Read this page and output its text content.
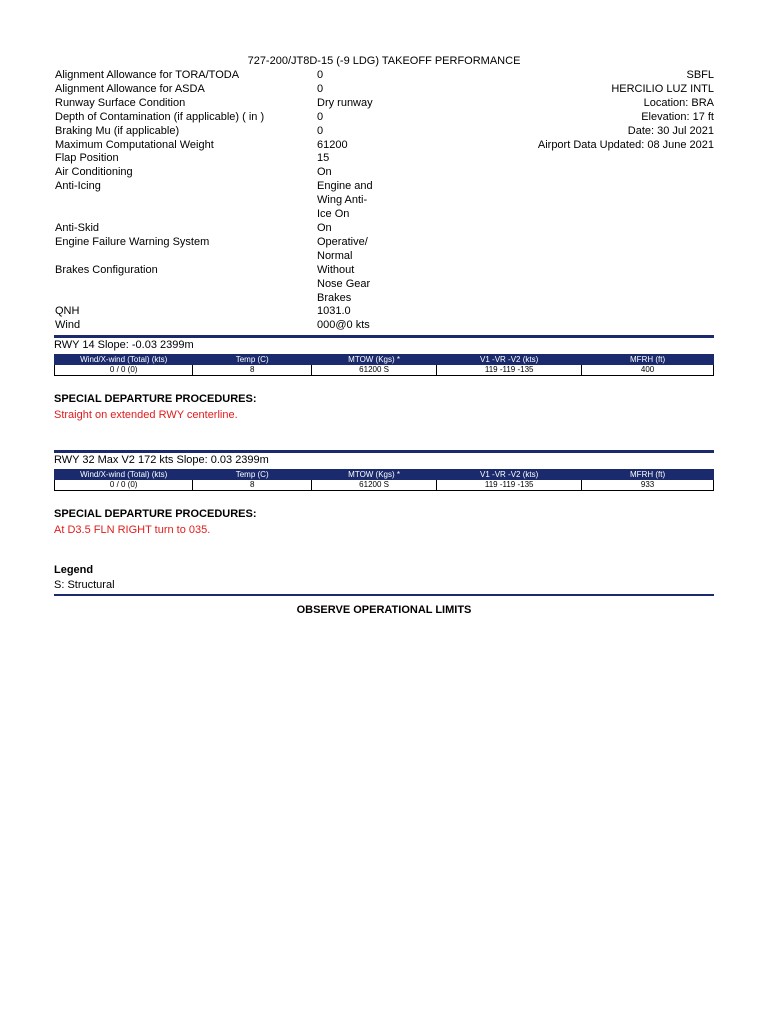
727-200/JT8D-15 (-9 LDG) TAKEOFF PERFORMANCE
Alignment Allowance for TORA/TODA	0
Alignment Allowance for ASDA	0
Runway Surface Condition	Dry runway
Depth of Contamination (if applicable) ( in )	0
Braking Mu (if applicable)	0
Maximum Computational Weight	61200
Flap Position	15
Air Conditioning	On
Anti-Icing	Engine and
Wing Anti-
Ice On
Anti-Skid	On
Engine Failure Warning System	Operative/
Normal
Brakes Configuration	Without
Nose Gear
Brakes
QNH	1031.0
Wind	000@0 kts
SBFL
HERCILIO LUZ INTL
Location: BRA
Elevation: 17 ft
Date: 30 Jul 2021
Airport Data Updated: 08 June 2021
RWY 14 Slope: -0.03 2399m
Wind/X-wind (Total) (kts)	Temp (C)	MTOW (Kgs) *	V1 -VR -V2 (kts)	MFRH (ft)
0 / 0 (0)	8	61200 S	119 -119 -135	400
SPECIAL DEPARTURE PROCEDURES:
Straight on extended RWY centerline.
RWY 32 Max V2 172 kts Slope: 0.03 2399m
Wind/X-wind (Total) (kts)	Temp (C)	MTOW (Kgs) *	V1 -VR -V2 (kts)	MFRH (ft)
0 / 0 (0)	8	61200 S	119 -119 -135	933
SPECIAL DEPARTURE PROCEDURES:
At D3.5 FLN RIGHT turn to 035.
Legend
S: Structural
OBSERVE OPERATIONAL LIMITS
